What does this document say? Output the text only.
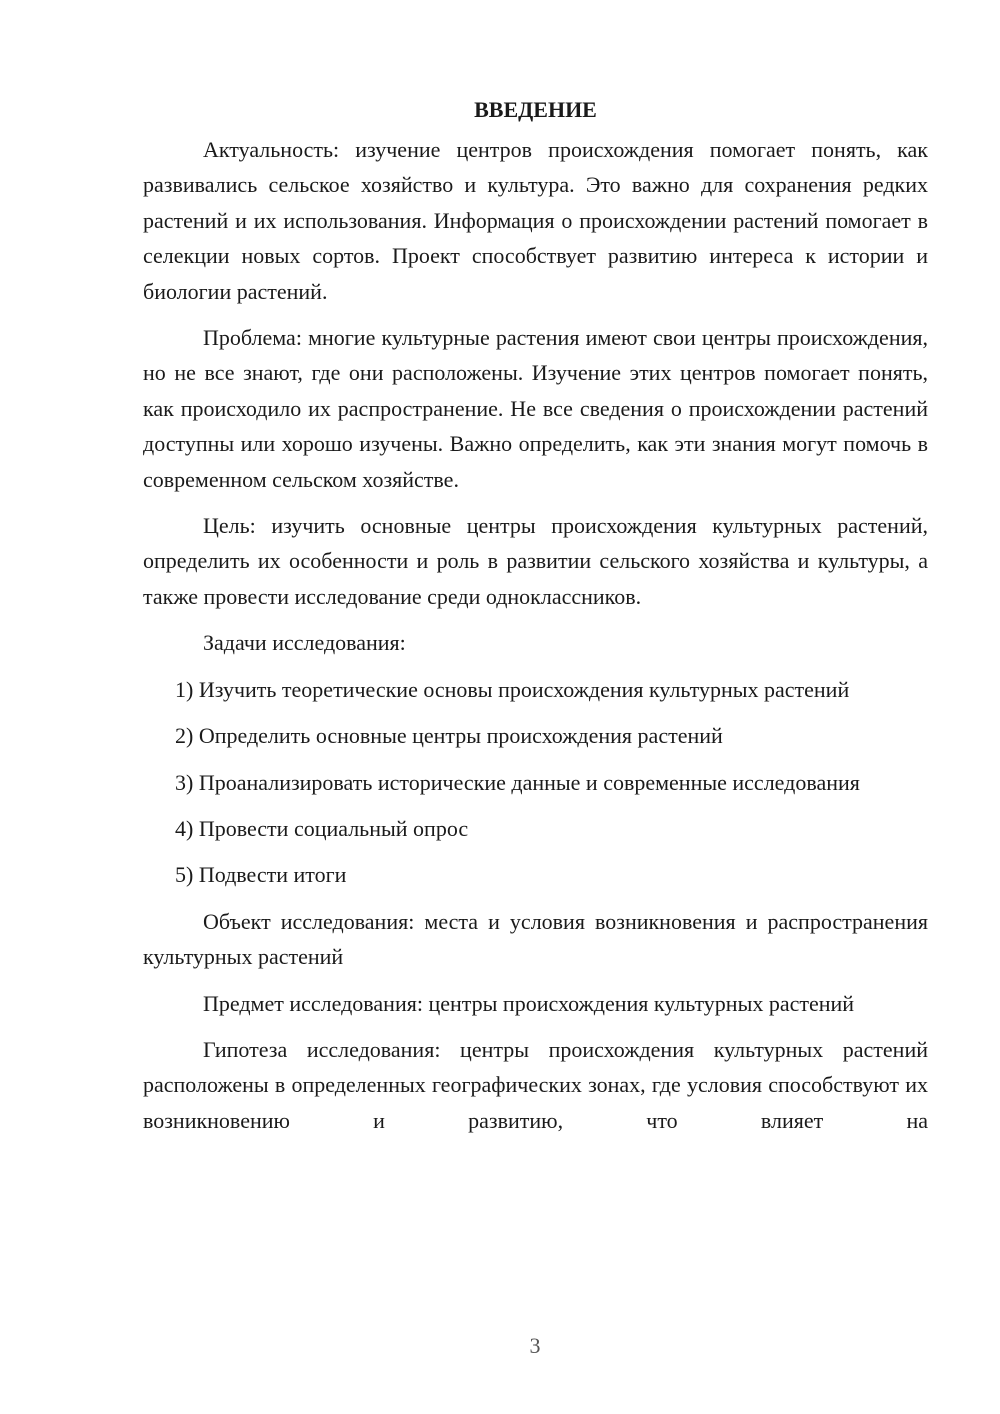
ВВЕДЕНИЕ

Актуальность: изучение центров происхождения помогает понять, как развивались сельское хозяйство и культура. Это важно для сохранения редких растений и их использования. Информация о происхождении растений помогает в селекции новых сортов. Проект способствует развитию интереса к истории и биологии растений.

Проблема: многие культурные растения имеют свои центры происхождения, но не все знают, где они расположены. Изучение этих центров помогает понять, как происходило их распространение. Не все сведения о происхождении растений доступны или хорошо изучены. Важно определить, как эти знания могут помочь в современном сельском хозяйстве.

Цель: изучить основные центры происхождения культурных растений, определить их особенности и роль в развитии сельского хозяйства и культуры, а также провести исследование среди одноклассников.

Задачи исследования:

1) Изучить теоретические основы происхождения культурных растений

2) Определить основные центры происхождения растений

3) Проанализировать исторические данные и современные исследования

4) Провести социальный опрос

5) Подвести итоги

Объект исследования: места и условия возникновения и распространения культурных растений

Предмет исследования: центры происхождения культурных растений

Гипотеза исследования: центры происхождения культурных растений расположены в определенных географических зонах, где условия способствуют их возникновению и развитию, что влияет на

3
